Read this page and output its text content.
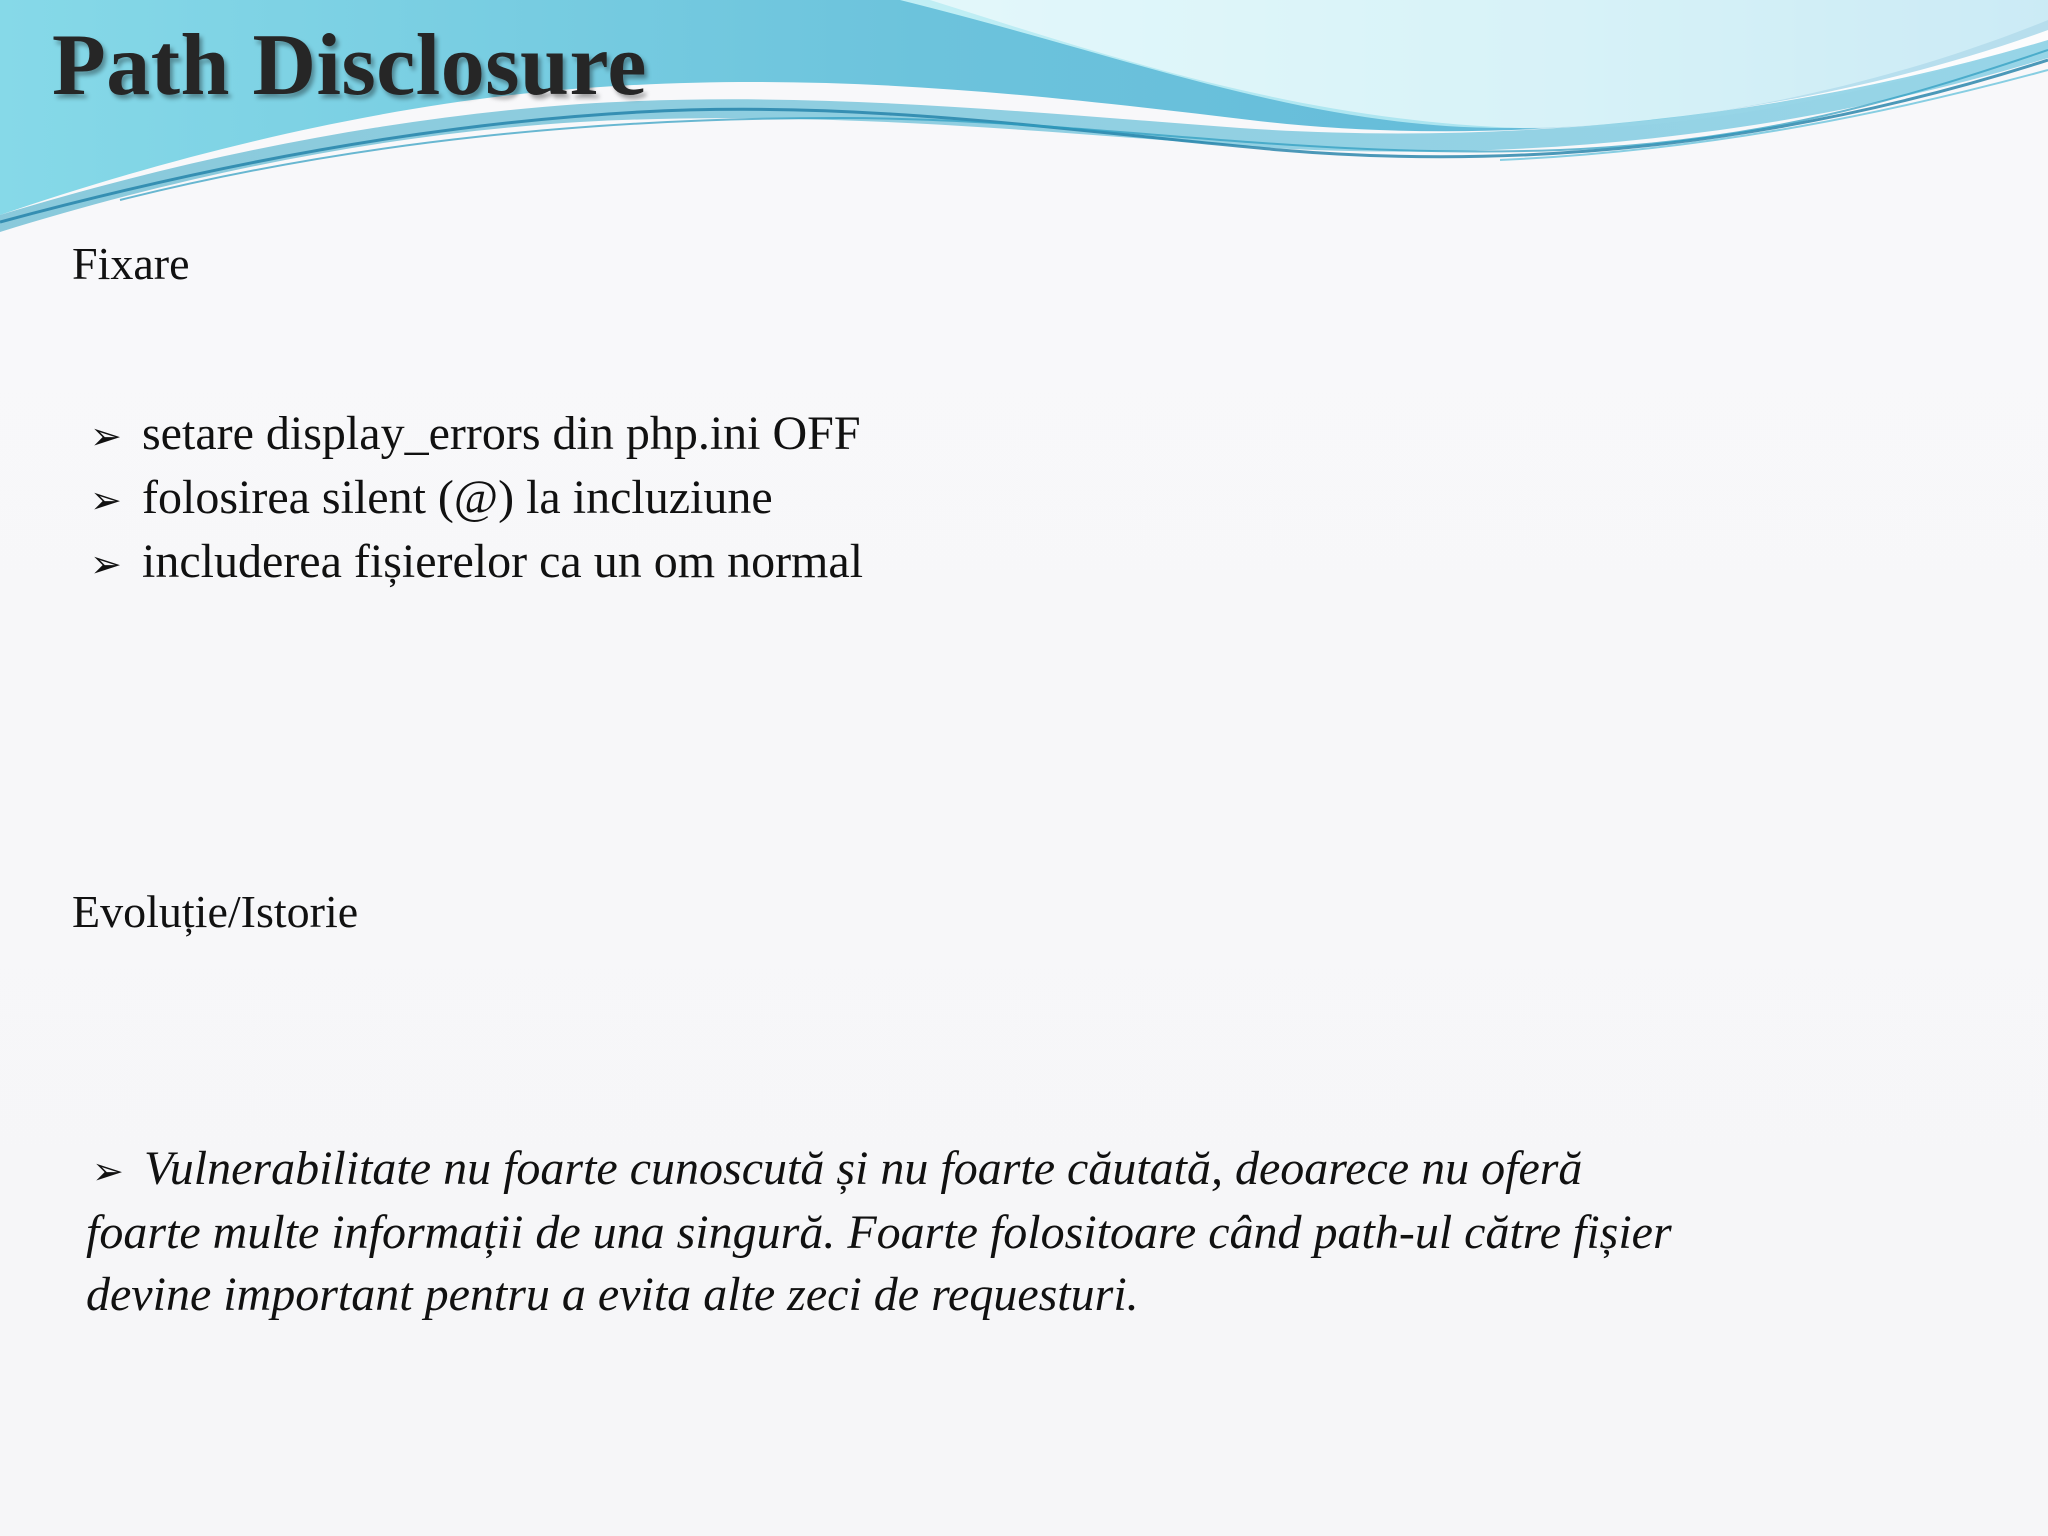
Path Disclosure
Fixare
➢ setare display_errors din php.ini OFF
➢ folosirea silent (@) la incluziune
➢ includerea fișierelor ca un om normal
Evoluție/Istorie

➢ Vulnerabilitate nu foarte cunoscută și nu foarte căutată, deoarece nu oferă
foarte multe informații de una singură. Foarte folositoare când path-ul către fișier
devine important pentru a evita alte zeci de requesturi.
